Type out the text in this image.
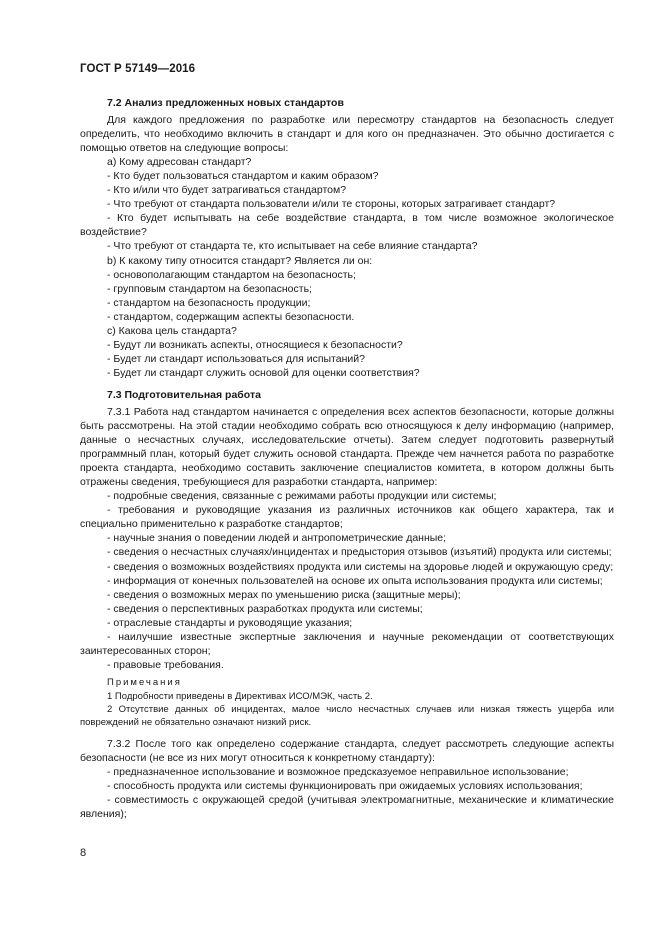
ГОСТ Р 57149—2016

7.2 Анализ предложенных новых стандартов

Для каждого предложения по разработке или пересмотру стандартов на безопасность следует определить, что необходимо включить в стандарт и для кого он предназначен. Это обычно достигается с помощью ответов на следующие вопросы:

а) Кому адресован стандарт?

- Кто будет пользоваться стандартом и каким образом?

- Кто и/или что будет затрагиваться стандартом?

- Что требуют от стандарта пользователи и/или те стороны, которых затрагивает стандарт?

- Кто будет испытывать на себе воздействие стандарта, в том числе возможное экологическое воздействие?

- Что требуют от стандарта те, кто испытывает на себе влияние стандарта?

b) К какому типу относится стандарт? Является ли он:

- основополагающим стандартом на безопасность;

- групповым стандартом на безопасность;

- стандартом на безопасность продукции;

- стандартом, содержащим аспекты безопасности.

с) Какова цель стандарта?

- Будут ли возникать аспекты, относящиеся к безопасности?

- Будет ли стандарт использоваться для испытаний?

- Будет ли стандарт служить основой для оценки соответствия?

7.3 Подготовительная работа

7.3.1 Работа над стандартом начинается с определения всех аспектов безопасности, которые должны быть рассмотрены. На этой стадии необходимо собрать всю относящуюся к делу информацию (например, данные о несчастных случаях, исследовательские отчеты). Затем следует подготовить развернутый программный план, который будет служить основой стандарта. Прежде чем начнется работа по разработке проекта стандарта, необходимо составить заключение специалистов комитета, в котором должны быть отражены сведения, требующиеся для разработки стандарта, например:

- подробные сведения, связанные с режимами работы продукции или системы;

- требования и руководящие указания из различных источников как общего характера, так и специально применительно к разработке стандартов;

- научные знания о поведении людей и антропометрические данные;

- сведения о несчастных случаях/инцидентах и предыстория отзывов (изъятий) продукта или системы;

- сведения о возможных воздействиях продукта или системы на здоровье людей и окружающую среду;

- информация от конечных пользователей на основе их опыта использования продукта или системы;

- сведения о возможных мерах по уменьшению риска (защитные меры);

- сведения о перспективных разработках продукта или системы;

- отраслевые стандарты и руководящие указания;

- наилучшие известные экспертные заключения и научные рекомендации от соответствующих заинтересованных сторон;

- правовые требования.

Примечания

1 Подробности приведены в Директивах ИСО/МЭК, часть 2.

2 Отсутствие данных об инцидентах, малое число несчастных случаев или низкая тяжесть ущерба или повреждений не обязательно означают низкий риск.

7.3.2 После того как определено содержание стандарта, следует рассмотреть следующие аспекты безопасности (не все из них могут относиться к конкретному стандарту):

- предназначенное использование и возможное предсказуемое неправильное использование;

- способность продукта или системы функционировать при ожидаемых условиях использования;

- совместимость с окружающей средой (учитывая электромагнитные, механические и климатические явления);

8
